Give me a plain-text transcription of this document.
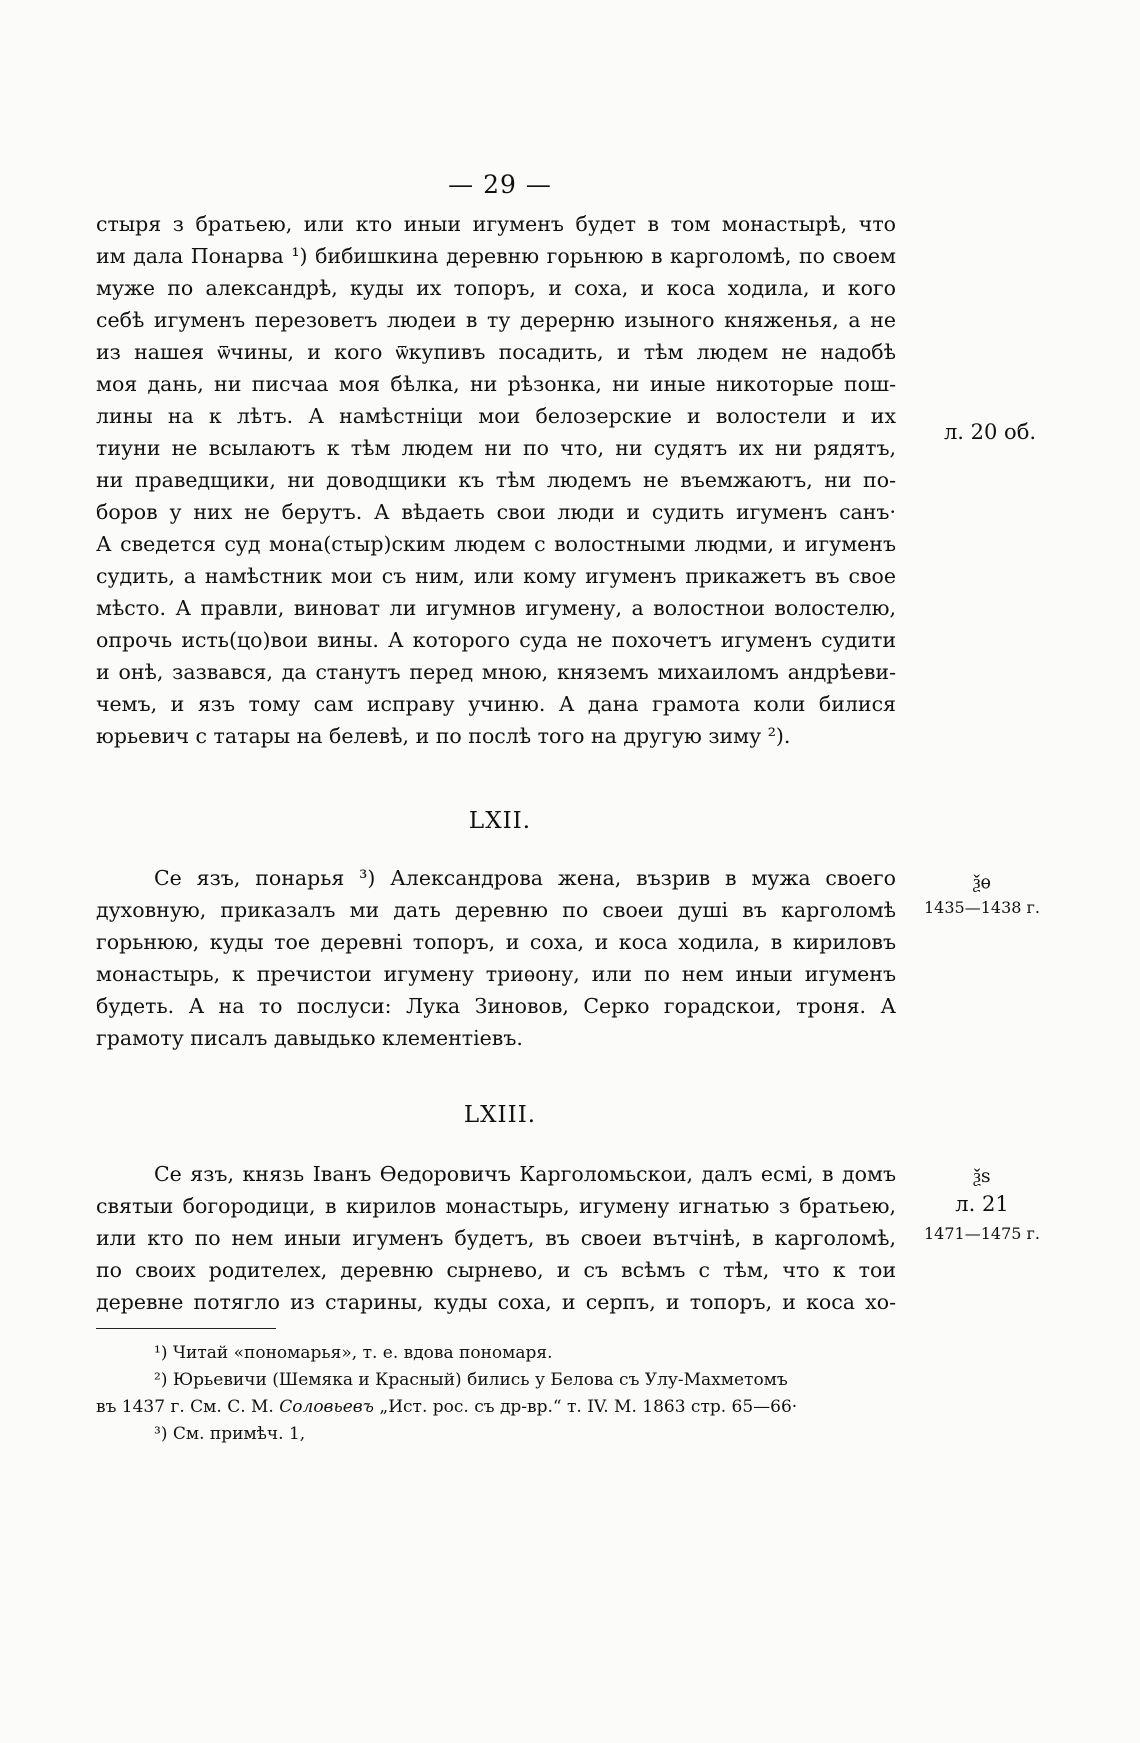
— 29 —
стыря з братьею, или кто иныи игуменъ будет в том монастырѣ, что
им дала Понарва ¹) бибишкина деревню горьнюю в карголомѣ, по своем
муже по александрѣ, куды их топоръ, и соха, и коса ходила, и кого
себѣ игуменъ перезоветъ людеи в ту дерерню изыного княженья, а не
из нашея ѿчины, и кого ѿкупивъ посадить, и тѣм людем не надобѣ
моя дань, ни писчаа моя бѣлка, ни рѣзонка, ни иные никоторые пош-
лины на к лѣтъ. А намѣстніци мои белозерские и волостели и их
тиуни не всылаютъ к тѣм людем ни по что, ни судятъ их ни рядятъ,
ни праведщики, ни доводщики къ тѣм людемъ не въемжаютъ, ни по-
боров у них не берутъ. А вѣдаеть свои люди и судить игуменъ санъ·
А сведется суд мона(стыр)ским людем с волостными людми, и игуменъ
судить, а намѣстник мои съ ним, или кому игуменъ прикажетъ въ свое
мѣсто. А правли, виноват ли игумнов игумену, а волостнои волостелю,
опрочь исть(цо)вои вины. А которого суда не похочетъ игуменъ судити
и онѣ, зазвався, да станутъ перед мною, княземъ михаиломъ андрѣеви-
чемъ, и язъ тому сам исправу учиню. А дана грамота коли билися
юрьевич с татары на белевѣ, и по послѣ того на другую зиму ²).
л. 20 об.
LXII.
Се язъ, понарья ³) Александрова жена, възрив в мужа своего
духовную, приказалъ ми дать деревню по своеи душі въ карголомѣ
горьнюю, куды тое деревні топоръ, и соха, и коса ходила, в кириловъ
монастырь, к пречистои игумену триѳону, или по нем иныи игуменъ
будеть. А на то послуси: Лука Зиновов, Серко горадскои, троня. А
грамоту писалъ давыдько клементіевъ.
ѯѳ
1435—1438 г.
LXIII.
Се язъ, князь Іванъ Ѳедоровичъ Карголомьскои, далъ есмі, в домъ
святыи богородици, в кирилов монастырь, игумену игнатью з братьею,
или кто по нем иныи игуменъ будетъ, въ своеи вътчінѣ, в карголомѣ,
по своих родителех, деревню сырнево, и съ всѣмъ с тѣм, что к тои
деревне потягло из старины, куды соха, и серпъ, и топоръ, и коса хо-
ѯѕ
л. 21
1471—1475 г.
¹) Читай «пономарья», т. е. вдова пономаря.
²) Юрьевичи (Шемяка и Красный) бились у Белова съ Улу-Махметомъ
въ 1437 г. См. С. М. Соловьевъ „Ист. рос. съ др-вр.“ т. IV. М. 1863 стр. 65—66·
³) См. примѣч. 1,
